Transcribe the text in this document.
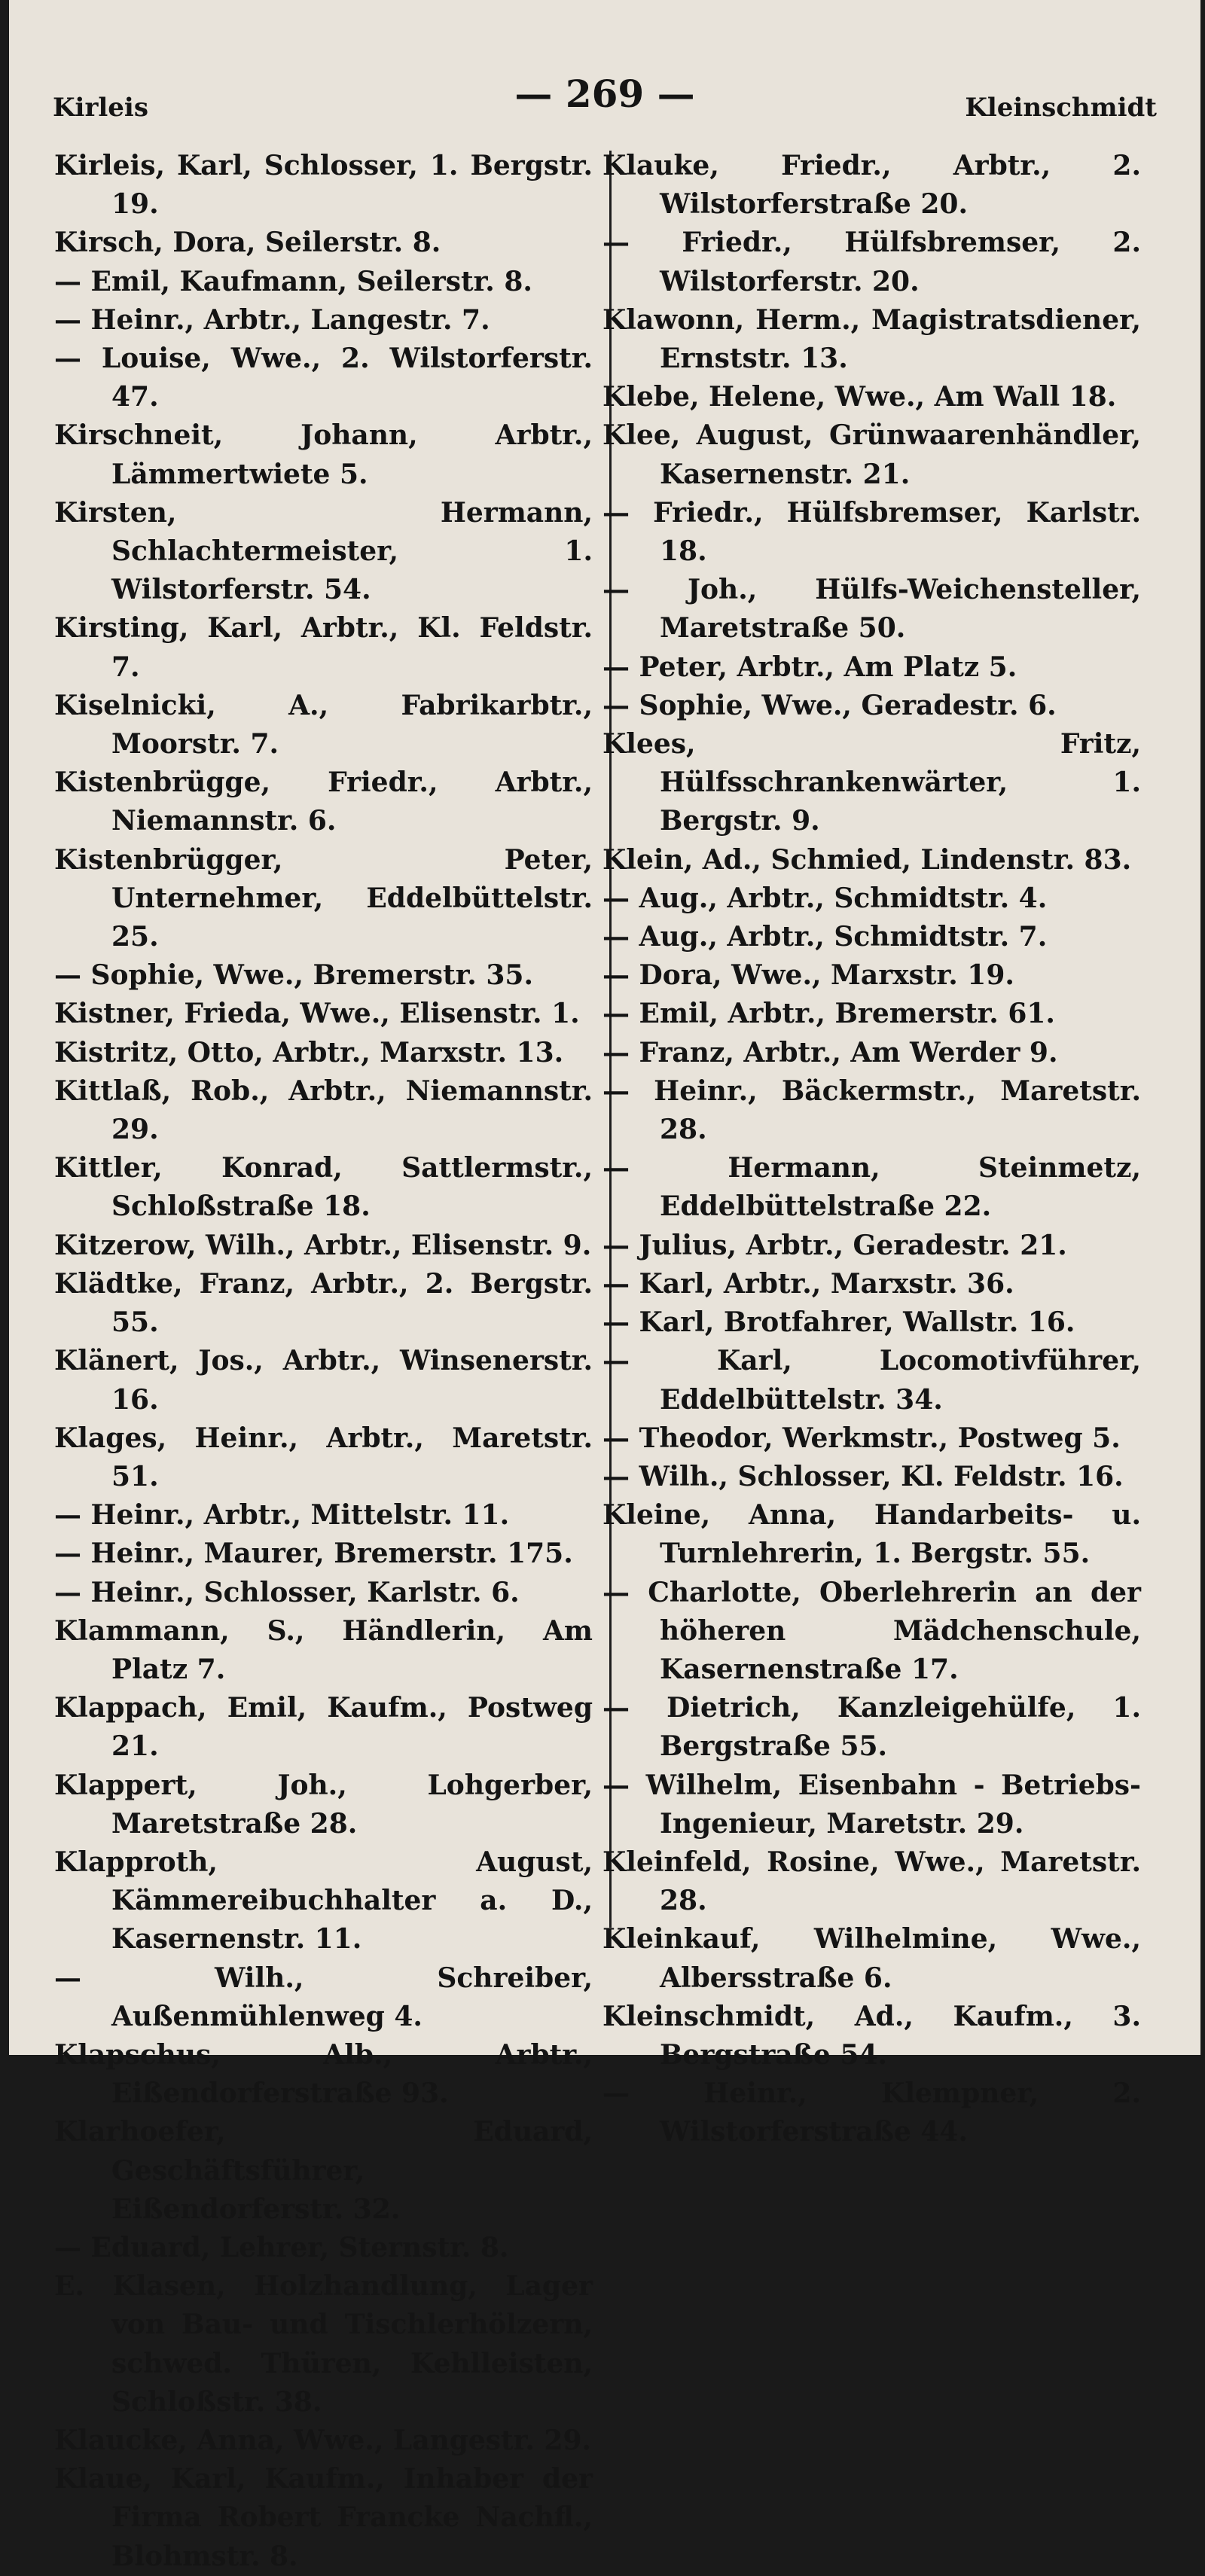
Kirleis	— 269 —	Kleinschmidt
Kirleis, Karl, Schlosser, 1. Bergstr. 19.
Kirsch, Dora, Seilerstr. 8.
— Emil, Kaufmann, Seilerstr. 8.
— Heinr., Arbtr., Langestr. 7.
— Louise, Wwe., 2. Wilstorferstr. 47.
Kirschneit, Johann, Arbtr., Lämmertwiete 5.
Kirsten, Hermann, Schlachtermeister, 1. Wilstorferstr. 54.
Kirsting, Karl, Arbtr., Kl. Feldstr. 7.
Kiselnicki, A., Fabrikarbtr., Moorstr. 7.
Kistenbrügge, Friedr., Arbtr., Niemannstr. 6.
Kistenbrügger, Peter, Unternehmer, Eddelbüttelstr. 25.
— Sophie, Wwe., Bremerstr. 35.
Kistner, Frieda, Wwe., Elisenstr. 1.
Kistritz, Otto, Arbtr., Marxstr. 13.
Kittlaß, Rob., Arbtr., Niemannstr. 29.
Kittler, Konrad, Sattlermstr., Schloßstraße 18.
Kitzerow, Wilh., Arbtr., Elisenstr. 9.
Klädtke, Franz, Arbtr., 2. Bergstr. 55.
Klänert, Jos., Arbtr., Winsenerstr. 16.
Klages, Heinr., Arbtr., Maretstr. 51.
— Heinr., Arbtr., Mittelstr. 11.
— Heinr., Maurer, Bremerstr. 175.
— Heinr., Schlosser, Karlstr. 6.
Klammann, S., Händlerin, Am Platz 7.
Klappach, Emil, Kaufm., Postweg 21.
Klappert, Joh., Lohgerber, Maretstraße 28.
Klapproth, August, Kämmereibuchhalter a. D., Kasernenstr. 11.
— Wilh., Schreiber, Außenmühlenweg 4.
Klapschus, Alb., Arbtr., Eißendorferstraße 93.
Klarhoefer, Eduard, Geschäftsführer, Eißendorferstr. 32.
— Eduard, Lehrer, Sternstr. 8.
E. Klasen, Holzhandlung, Lager von Bau- und Tischlerhölzern, schwed. Thüren, Kehlleisten, Schloßstr. 38.
Klaucke, Anna, Wwe., Langestr. 29.
Klaue, Karl, Kaufm., Inhaber der Firma Robert Francke Nachfl., Blohmstr. 8.
Klauke, Friedr., Arbtr., 2. Wilstorferstraße 20.
— Friedr., Hülfsbremser, 2. Wilstorferstr. 20.
Klawonn, Herm., Magistratsdiener, Ernststr. 13.
Klebe, Helene, Wwe., Am Wall 18.
Klee, August, Grünwaarenhändler, Kasernenstr. 21.
— Friedr., Hülfsbremser, Karlstr. 18.
— Joh., Hülfs-Weichensteller, Maretstraße 50.
— Peter, Arbtr., Am Platz 5.
— Sophie, Wwe., Geradestr. 6.
Klees, Fritz, Hülfsschrankenwärter, 1. Bergstr. 9.
Klein, Ad., Schmied, Lindenstr. 83.
— Aug., Arbtr., Schmidtstr. 4.
— Aug., Arbtr., Schmidtstr. 7.
— Dora, Wwe., Marxstr. 19.
— Emil, Arbtr., Bremerstr. 61.
— Franz, Arbtr., Am Werder 9.
— Heinr., Bäckermstr., Maretstr. 28.
— Hermann, Steinmetz, Eddelbüttelstraße 22.
— Julius, Arbtr., Geradestr. 21.
— Karl, Arbtr., Marxstr. 36.
— Karl, Brotfahrer, Wallstr. 16.
— Karl, Locomotivführer, Eddelbüttelstr. 34.
— Theodor, Werkmstr., Postweg 5.
— Wilh., Schlosser, Kl. Feldstr. 16.
Kleine, Anna, Handarbeits- u. Turnlehrerin, 1. Bergstr. 55.
— Charlotte, Oberlehrerin an der höheren Mädchenschule, Kasernenstraße 17.
— Dietrich, Kanzleigehülfe, 1. Bergstraße 55.
— Wilhelm, Eisenbahn - Betriebs-Ingenieur, Maretstr. 29.
Kleinfeld, Rosine, Wwe., Maretstr. 28.
Kleinkauf, Wilhelmine, Wwe., Albersstraße 6.
Kleinschmidt, Ad., Kaufm., 3. Bergstraße 54.
— Heinr., Klempner, 2. Wilstorferstraße 44.
